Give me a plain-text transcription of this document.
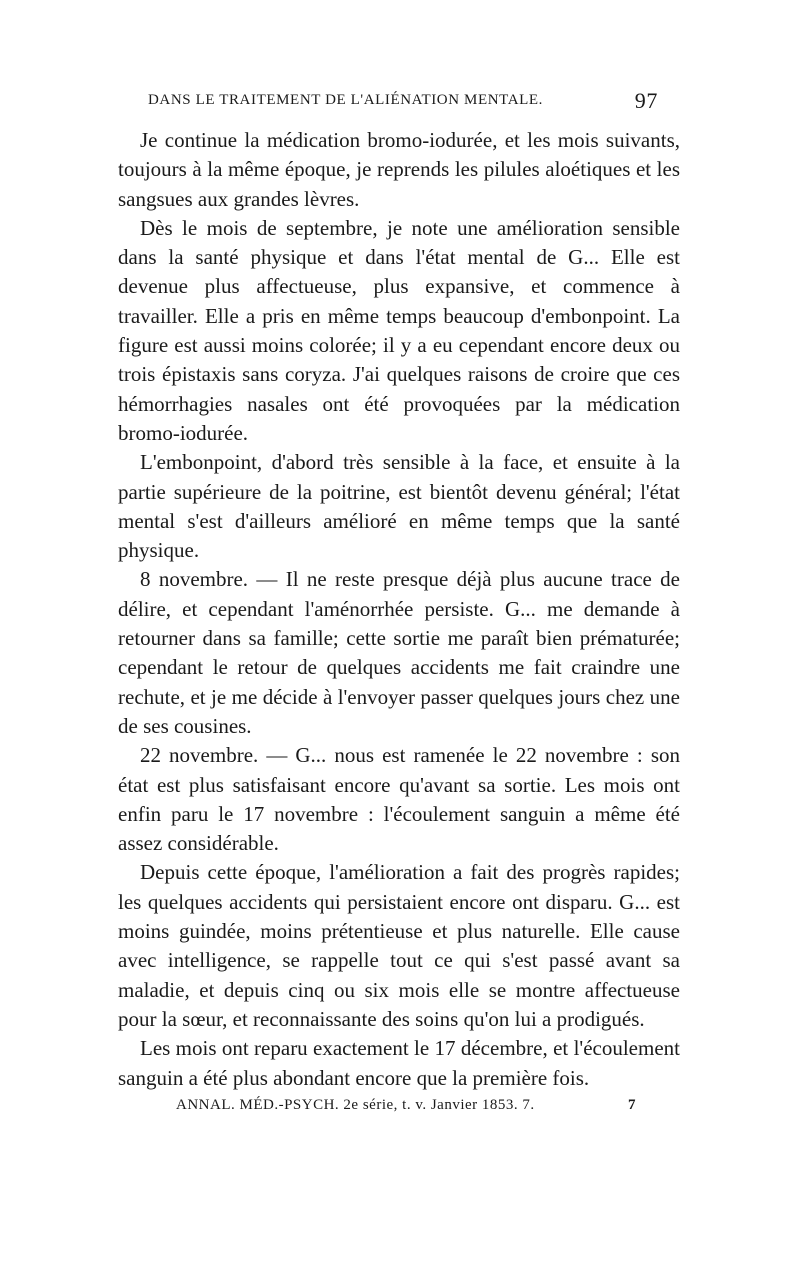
DANS LE TRAITEMENT DE L'ALIÉNATION MENTALE.	97

Je continue la médication bromo-iodurée, et les mois suivants, toujours à la même époque, je reprends les pilules aloétiques et les sangsues aux grandes lèvres.

Dès le mois de septembre, je note une amélioration sensible dans la santé physique et dans l'état mental de G... Elle est devenue plus affectueuse, plus expansive, et commence à travailler. Elle a pris en même temps beaucoup d'embonpoint. La figure est aussi moins colorée; il y a eu cependant encore deux ou trois épistaxis sans coryza. J'ai quelques raisons de croire que ces hémorrhagies nasales ont été provoquées par la médication bromo-iodurée.

L'embonpoint, d'abord très sensible à la face, et ensuite à la partie supérieure de la poitrine, est bientôt devenu général; l'état mental s'est d'ailleurs amélioré en même temps que la santé physique.

8 novembre. — Il ne reste presque déjà plus aucune trace de délire, et cependant l'aménorrhée persiste. G... me demande à retourner dans sa famille; cette sortie me paraît bien prématurée; cependant le retour de quelques accidents me fait craindre une rechute, et je me décide à l'envoyer passer quelques jours chez une de ses cousines.

22 novembre. — G... nous est ramenée le 22 novembre : son état est plus satisfaisant encore qu'avant sa sortie. Les mois ont enfin paru le 17 novembre : l'écoulement sanguin a même été assez considérable.

Depuis cette époque, l'amélioration a fait des progrès rapides; les quelques accidents qui persistaient encore ont disparu. G... est moins guindée, moins prétentieuse et plus naturelle. Elle cause avec intelligence, se rappelle tout ce qui s'est passé avant sa maladie, et depuis cinq ou six mois elle se montre affectueuse pour la sœur, et reconnaissante des soins qu'on lui a prodigués.

Les mois ont reparu exactement le 17 décembre, et l'écoulement sanguin a été plus abondant encore que la première fois.

ANNAL. MÉD.-PSYCH. 2e série, t. v. Janvier 1853. 7.	7
